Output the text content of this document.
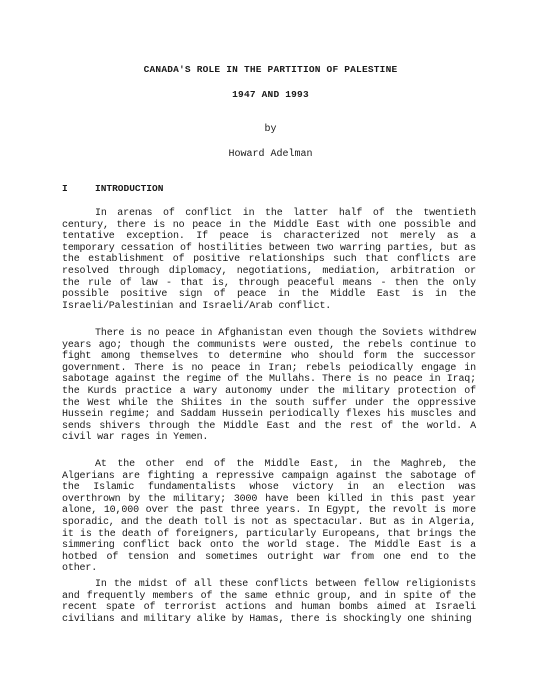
CANADA'S ROLE IN THE PARTITION OF PALESTINE
1947 AND 1993
by
Howard Adelman
I	INTRODUCTION

In arenas of conflict in the latter half of the twentieth century, there is no peace in the Middle East with one possible and tentative exception. If peace is characterized not merely as a temporary cessation of hostilities between two warring parties, but as the establishment of positive relationships such that conflicts are resolved through diplomacy, negotiations, mediation, arbitration or the rule of law - that is, through peaceful means - then the only possible positive sign of peace in the Middle East is in the Israeli/Palestinian and Israeli/Arab conflict.

There is no peace in Afghanistan even though the Soviets withdrew years ago; though the communists were ousted, the rebels continue to fight among themselves to determine who should form the successor government. There is no peace in Iran; rebels peiodically engage in sabotage against the regime of the Mullahs. There is no peace in Iraq; the Kurds practice a wary autonomy under the military protection of the West while the Shiites in the south suffer under the oppressive Hussein regime; and Saddam Hussein periodically flexes his muscles and sends shivers through the Middle East and the rest of the world. A civil war rages in Yemen.

At the other end of the Middle East, in the Maghreb, the Algerians are fighting a repressive campaign against the sabotage of the Islamic fundamentalists whose victory in an election was overthrown by the military; 3000 have been killed in this past year alone, 10,000 over the past three years. In Egypt, the revolt is more sporadic, and the death toll is not as spectacular. But as in Algeria, it is the death of foreigners, particularly Europeans, that brings the simmering conflict back onto the world stage. The Middle East is a hotbed of tension and sometimes outright war from one end to the other.

In the midst of all these conflicts between fellow religionists and frequently members of the same ethnic group, and in spite of the recent spate of terrorist actions and human bombs aimed at Israeli civilians and military alike by Hamas, there is shockingly one shining
